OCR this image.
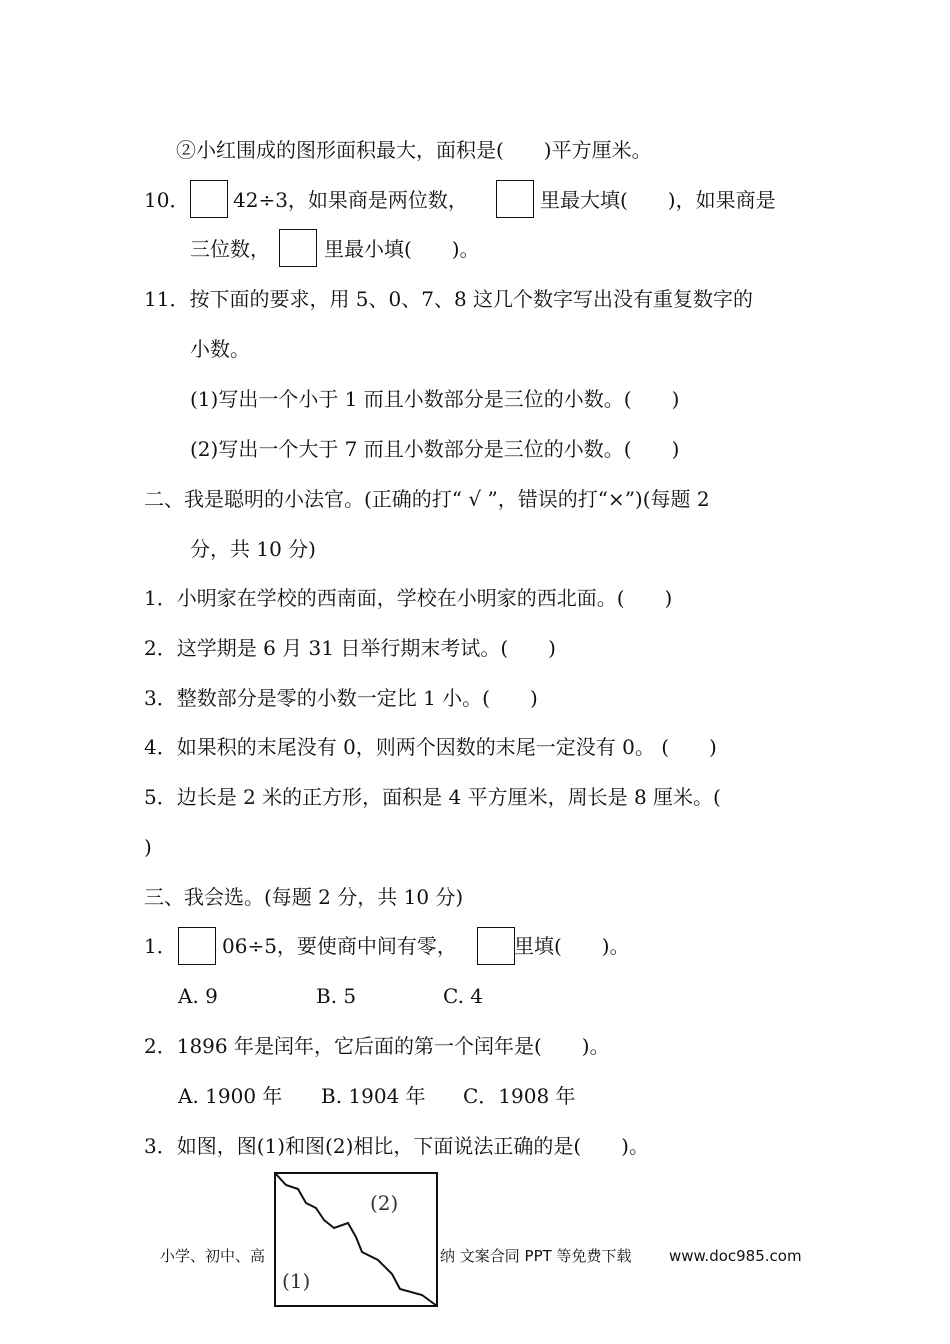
②小红围成的图形面积最大，面积是(　　)平方厘米。
10． 42÷3，如果商是两位数，	里最大填(　　)，如果商是
三位数，	里最小填(　　)。
11．按下面的要求，用 5、0、7、8 这几个数字写出没有重复数字的
小数。
(1)写出一个小于 1 而且小数部分是三位的小数。(　　)
(2)写出一个大于 7 而且小数部分是三位的小数。(　　)
二、我是聪明的小法官。(正确的打“ √ ”，错误的打“×”)(每题 2
分，共 10 分)
1．小明家在学校的西南面，学校在小明家的西北面。(　　)
2．这学期是 6 月 31 日举行期末考试。(　　)
3．整数部分是零的小数一定比 1 小。(　　)
4．如果积的末尾没有 0，则两个因数的末尾一定没有 0。 (　　)
5．边长是 2 米的正方形，面积是 4 平方厘米，周长是 8 厘米。(
)
三、我会选。(每题 2 分，共 10 分)
1． 06÷5，要使商中间有零，	里填(　　)。
A. 9	B. 5	C. 4
2．1896 年是闰年，它后面的第一个闰年是(　　)。
A. 1900 年 B. 1904 年 C．1908 年
3．如图，图(1)和图(2)相比，下面说法正确的是(　　)。
小学、初中、高	纳 文案合同 PPT 等免费下载 www.doc985.com
(2)
(1)
